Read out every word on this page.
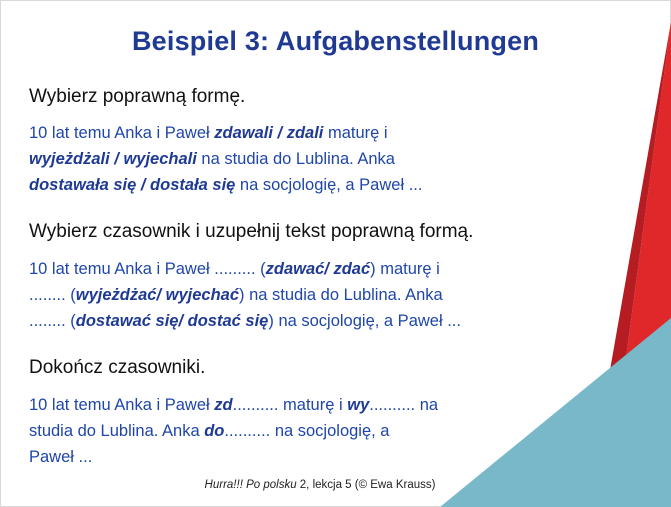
Beispiel 3: Aufgabenstellungen
Wybierz poprawną formę.
10 lat temu Anka i Paweł zdawali / zdali maturę i
wyjeżdżali / wyjechali na studia do Lublina. Anka
dostawała się / dostała się na socjologię, a Paweł ...
Wybierz czasownik i uzupełnij tekst poprawną formą.
10 lat temu Anka i Paweł ......... (zdawać/ zdać) maturę i
........ (wyjeżdżać/ wyjechać) na studia do Lublina. Anka
........ (dostawać się/ dostać się) na socjologię, a Paweł ...
Dokończ czasowniki.
10 lat temu Anka i Paweł zd.......... maturę i wy.......... na
studia do Lublina. Anka do.......... na socjologię, a
Paweł ...
Hurra!!! Po polsku 2, lekcja 5 (© Ewa Krauss)
